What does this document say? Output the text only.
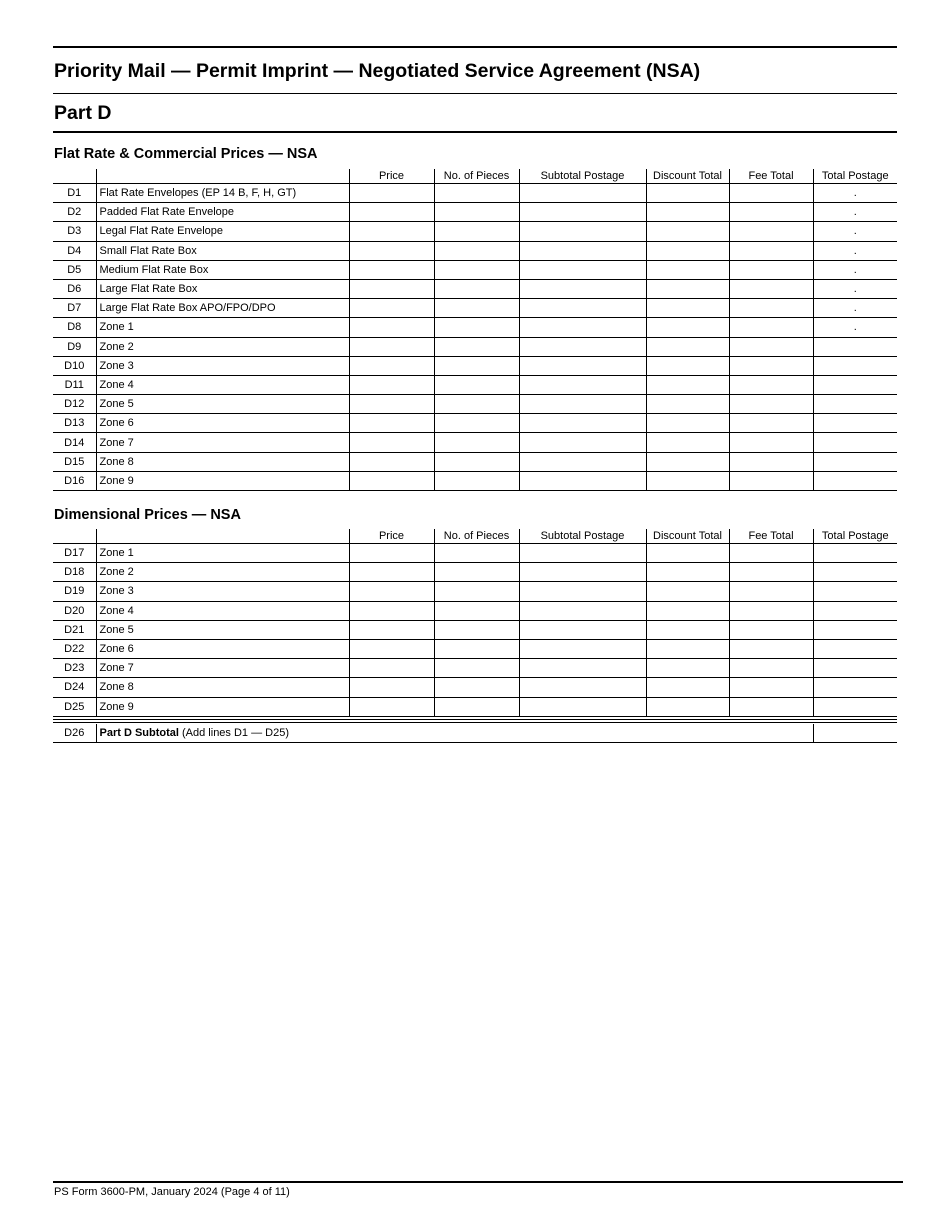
Priority Mail — Permit Imprint — Negotiated Service Agreement (NSA)
Part D
Flat Rate & Commercial Prices — NSA
		Price	No. of Pieces	Subtotal Postage	Discount Total	Fee Total	Total Postage
D1	Flat Rate Envelopes (EP 14 B, F, H, GT)						.
D2	Padded Flat Rate Envelope						.
D3	Legal Flat Rate Envelope						.
D4	Small Flat Rate Box						.
D5	Medium Flat Rate Box						.
D6	Large Flat Rate Box						.
D7	Large Flat Rate Box APO/FPO/DPO						.
D8	Zone 1						.
D9	Zone 2						
D10	Zone 3						
D11	Zone 4						
D12	Zone 5						
D13	Zone 6						
D14	Zone 7						
D15	Zone 8						
D16	Zone 9						
Dimensional Prices — NSA
		Price	No. of Pieces	Subtotal Postage	Discount Total	Fee Total	Total Postage
D17	Zone 1						
D18	Zone 2						
D19	Zone 3						
D20	Zone 4						
D21	Zone 5						
D22	Zone 6						
D23	Zone 7						
D24	Zone 8						
D25	Zone 9						
D26	Part D Subtotal (Add lines D1 — D25)	
PS Form 3600-PM, January 2024 (Page 4 of 11)
